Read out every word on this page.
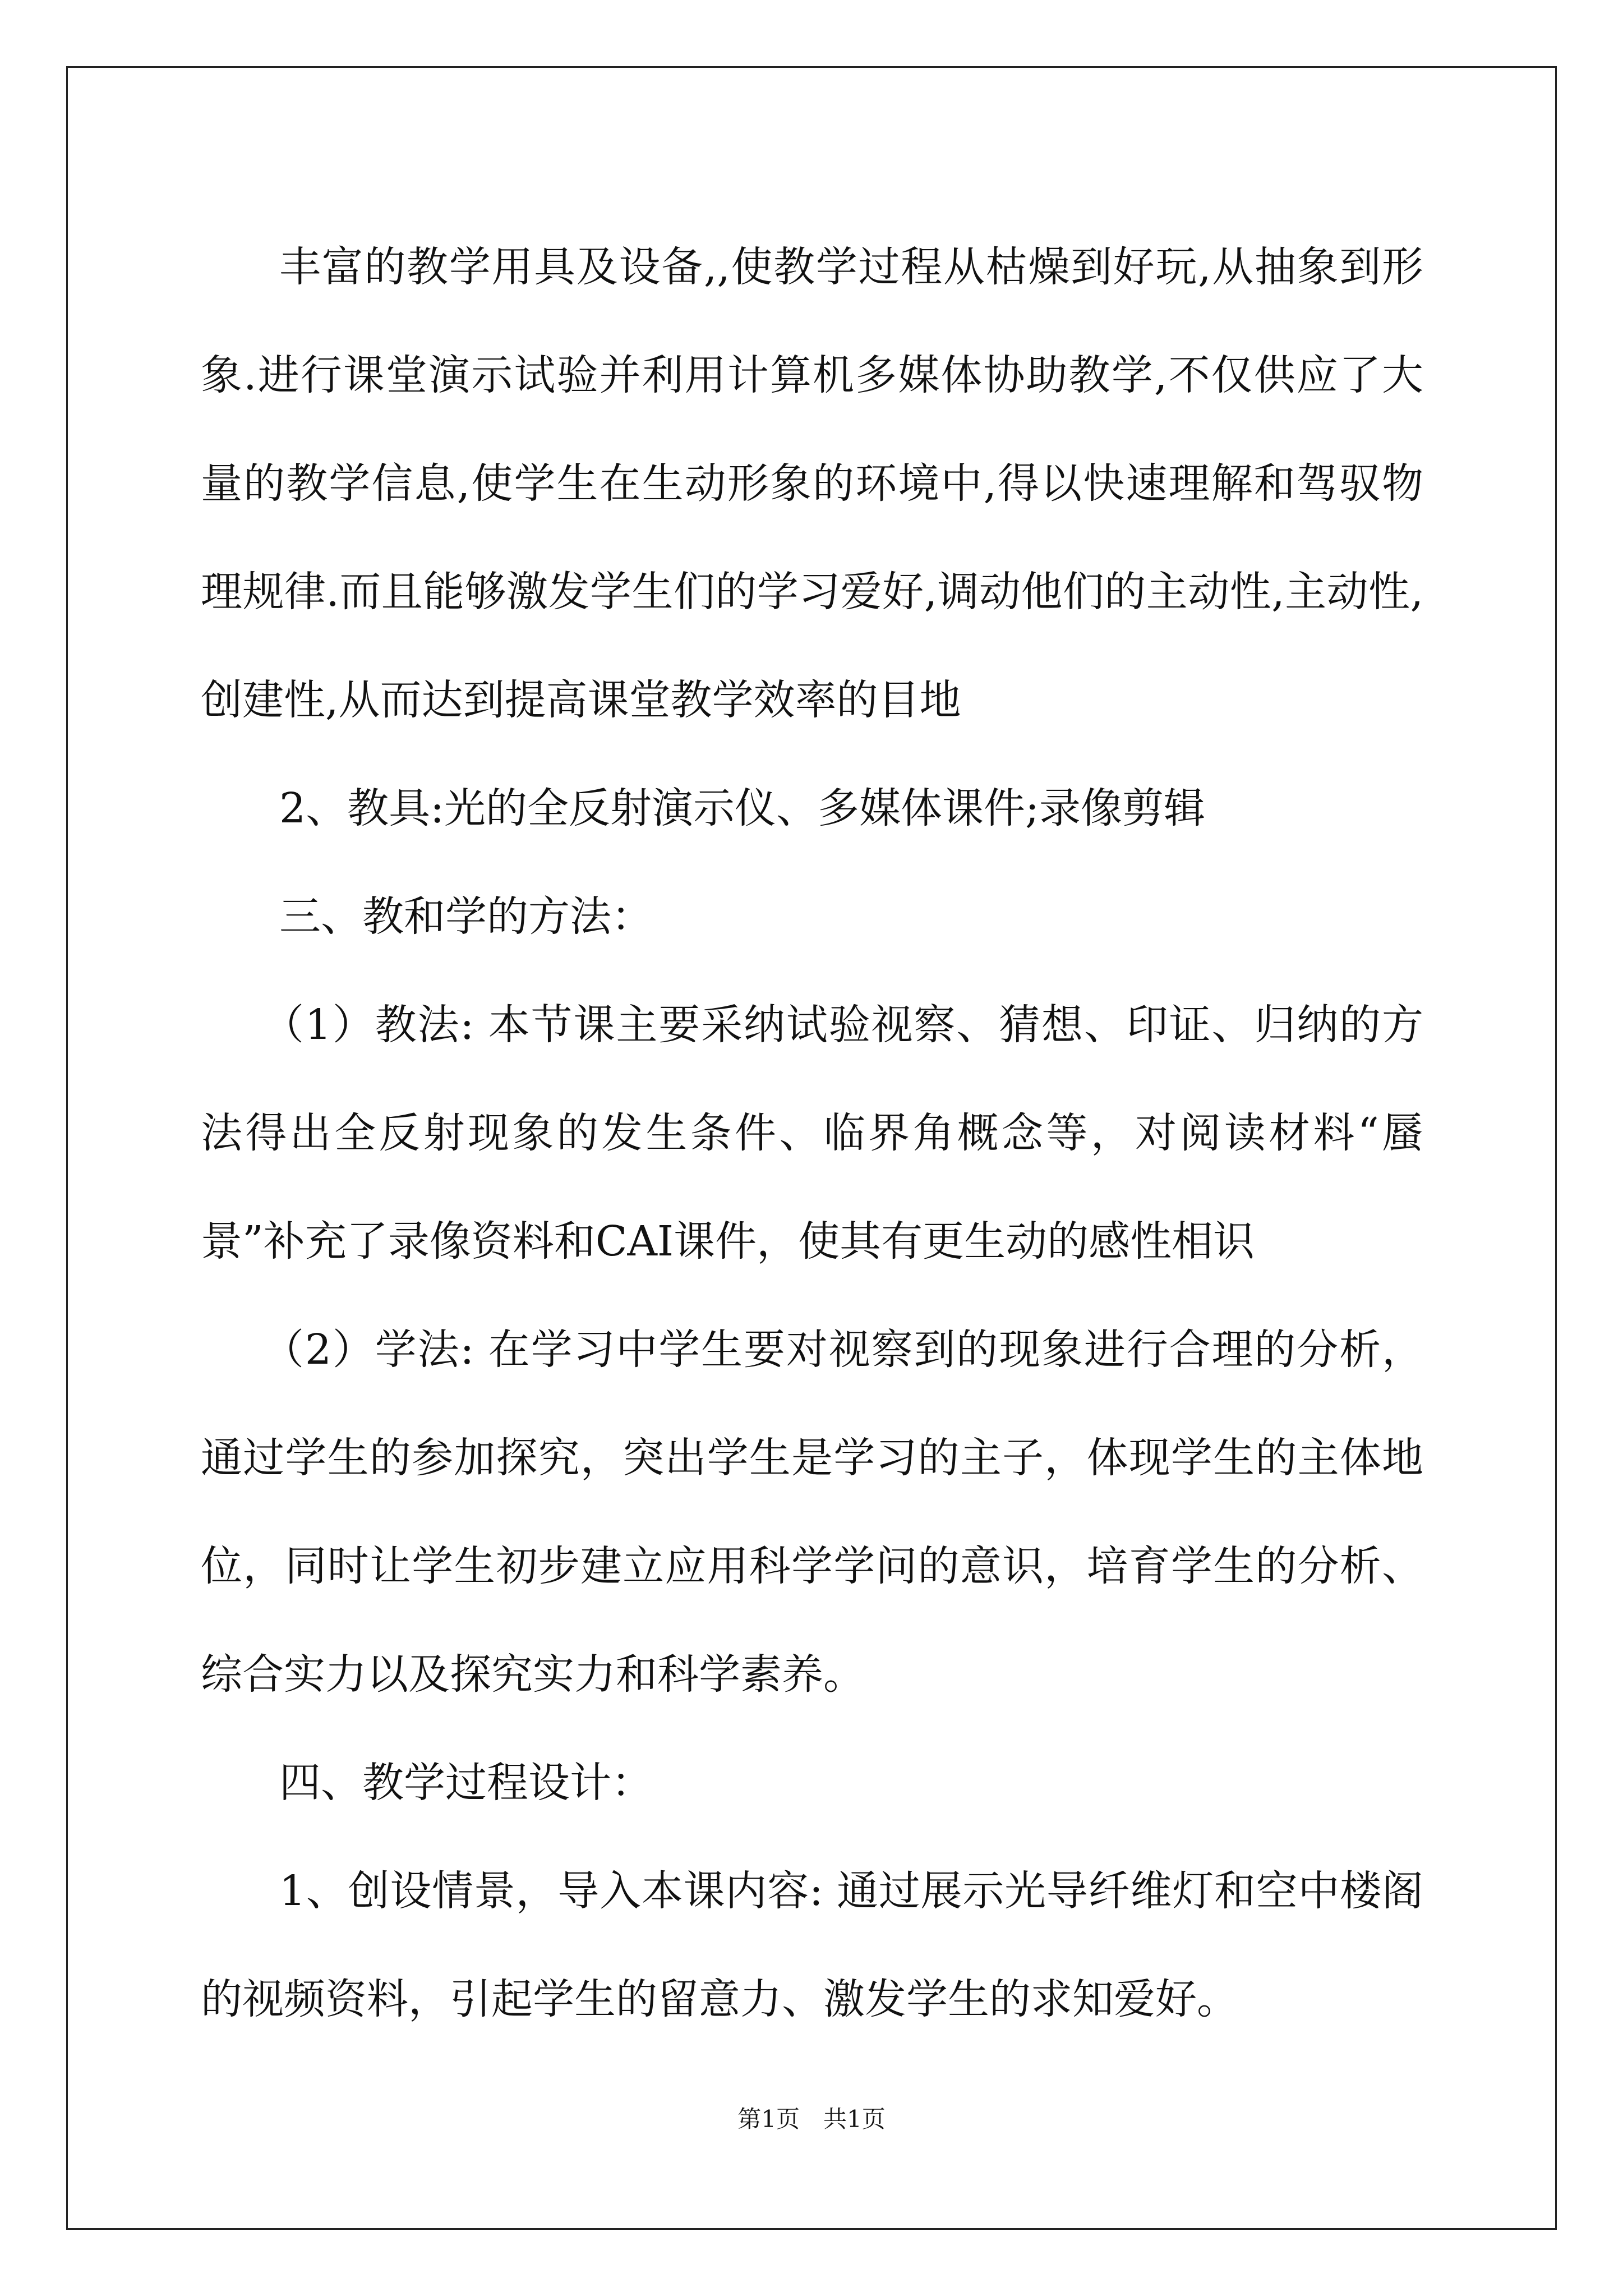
丰富的教学用具及设备,,使教学过程从枯燥到好玩,从抽象到形象.进行课堂演示试验并利用计算机多媒体协助教学,不仅供应了大量的教学信息,使学生在生动形象的环境中,得以快速理解和驾驭物理规律.而且能够激发学生们的学习爱好,调动他们的主动性,主动性,创建性,从而达到提高课堂教学效率的目地

2、教具:光的全反射演示仪、多媒体课件;录像剪辑

三、教和学的方法：

（1）教法: 本节课主要采纳试验视察、猜想、印证、归纳的方法得出全反射现象的发生条件、临界角概念等，对阅读材料“蜃景”补充了录像资料和CAI课件，使其有更生动的感性相识

（2）学法: 在学习中学生要对视察到的现象进行合理的分析，通过学生的参加探究，突出学生是学习的主子，体现学生的主体地位，同时让学生初步建立应用科学学问的意识，培育学生的分析、综合实力以及探究实力和科学素养。

四、教学过程设计：

1、创设情景，导入本课内容: 通过展示光导纤维灯和空中楼阁的视频资料，引起学生的留意力、激发学生的求知爱好。

第1页　共1页
